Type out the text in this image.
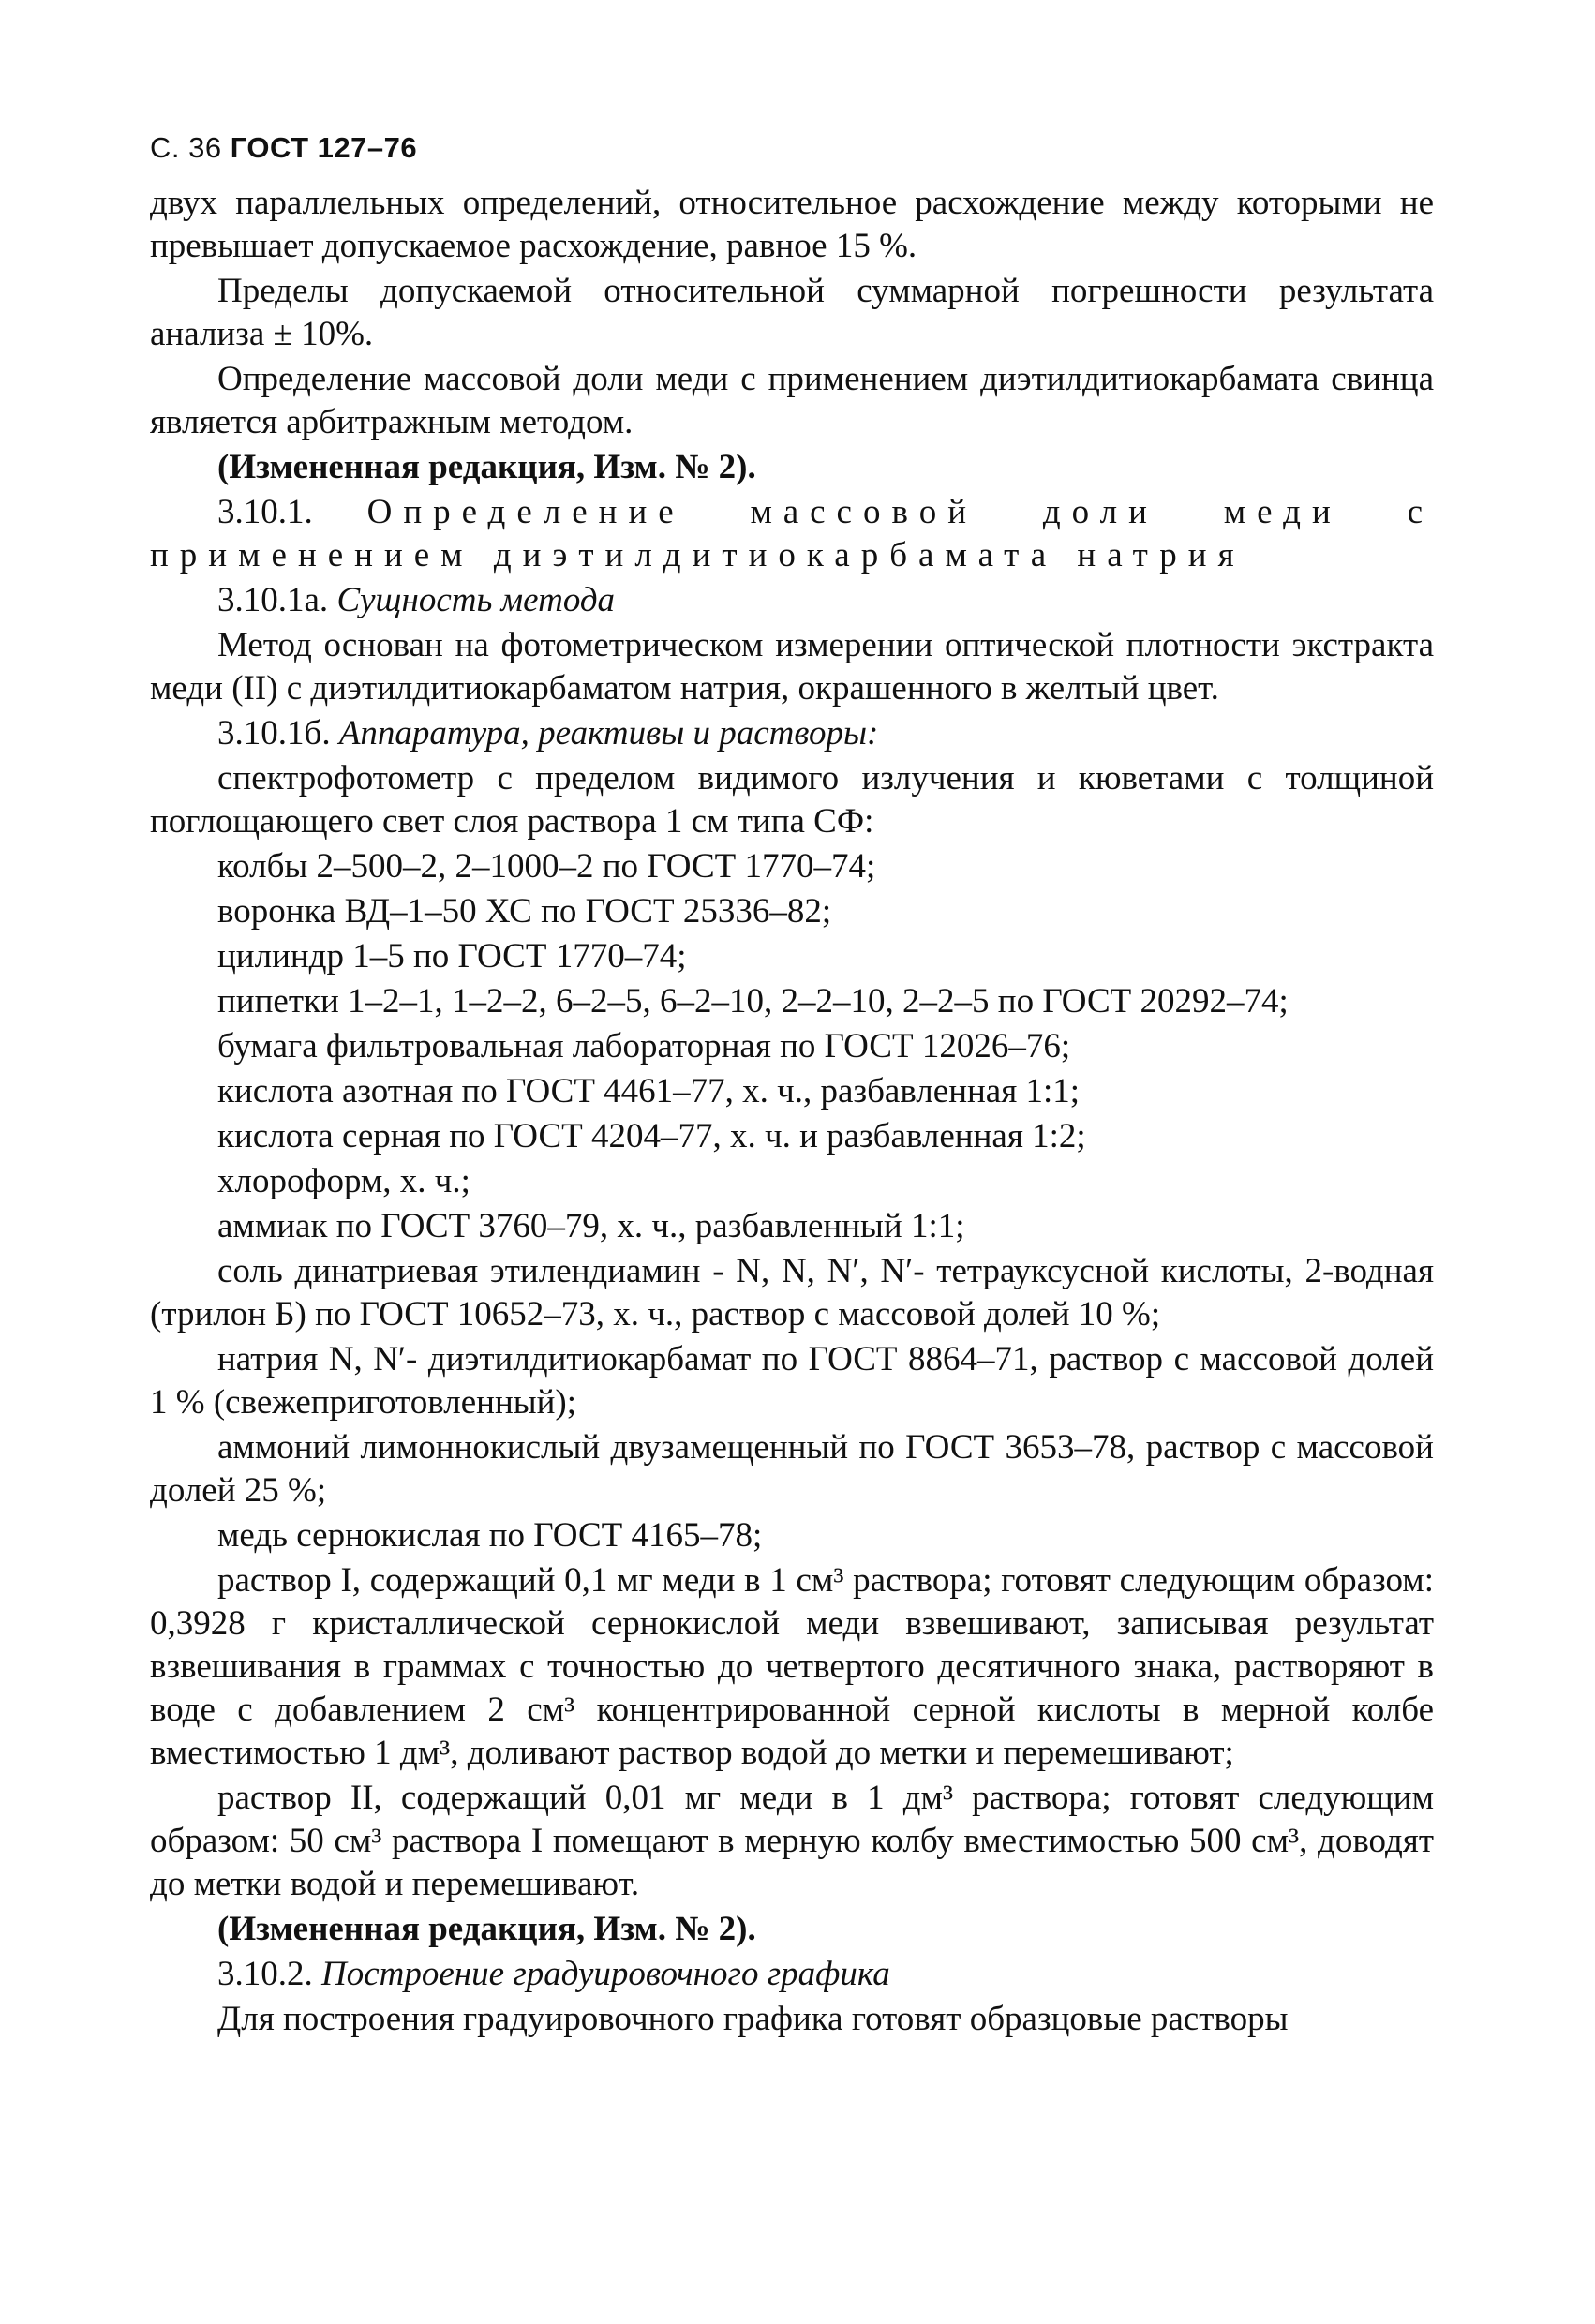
С. 36 ГОСТ 127–76

двух параллельных определений, относительное расхождение между которыми не превышает допускаемое расхождение, равное 15 %.

Пределы допускаемой относительной суммарной погрешности результата анализа ± 10%.

Определение массовой доли меди с применением диэтилдитиокарбамата свинца является арбитражным методом.

(Измененная редакция, Изм. № 2).

3.10.1. Определение массовой доли меди с применением диэтилдитиокарбамата натрия

3.10.1а. Сущность метода

Метод основан на фотометрическом измерении оптической плотности экстракта меди (II) с диэтилдитиокарбаматом натрия, окрашенного в желтый цвет.

3.10.1б. Аппаратура, реактивы и растворы:

спектрофотометр с пределом видимого излучения и кюветами с толщиной поглощающего свет слоя раствора 1 см типа СФ:

колбы 2–500–2, 2–1000–2 по ГОСТ 1770–74;

воронка ВД–1–50 ХС по ГОСТ 25336–82;

цилиндр 1–5 по ГОСТ 1770–74;

пипетки 1–2–1, 1–2–2, 6–2–5, 6–2–10, 2–2–10, 2–2–5 по ГОСТ 20292–74;

бумага фильтровальная лабораторная по ГОСТ 12026–76;

кислота азотная по ГОСТ 4461–77, х. ч., разбавленная 1:1;

кислота серная по ГОСТ 4204–77, х. ч. и разбавленная 1:2;

хлороформ, х. ч.;

аммиак по ГОСТ 3760–79, х. ч., разбавленный 1:1;

соль динатриевая этилендиамин - N, N, N′, N′- тетрауксусной кислоты, 2-водная (трилон Б) по ГОСТ 10652–73, х. ч., раствор с массовой долей 10 %;

натрия N, N′- диэтилдитиокарбамат по ГОСТ 8864–71, раствор с массовой долей 1 % (свежеприготовленный);

аммоний лимоннокислый двузамещенный по ГОСТ 3653–78, раствор с массовой долей 25 %;

медь сернокислая по ГОСТ 4165–78;

раствор I, содержащий 0,1 мг меди в 1 см³ раствора; готовят следующим образом: 0,3928 г кристаллической сернокислой меди взвешивают, записывая результат взвешивания в граммах с точностью до четвертого десятичного знака, растворяют в воде с добавлением 2 см³ концентрированной серной кислоты в мерной колбе вместимостью 1 дм³, доливают раствор водой до метки и перемешивают;

раствор II, содержащий 0,01 мг меди в 1 дм³ раствора; готовят следующим образом: 50 см³ раствора I помещают в мерную колбу вместимостью 500 см³, доводят до метки водой и перемешивают.

(Измененная редакция, Изм. № 2).

3.10.2. Построение градуировочного графика

Для построения градуировочного графика готовят образцовые растворы
